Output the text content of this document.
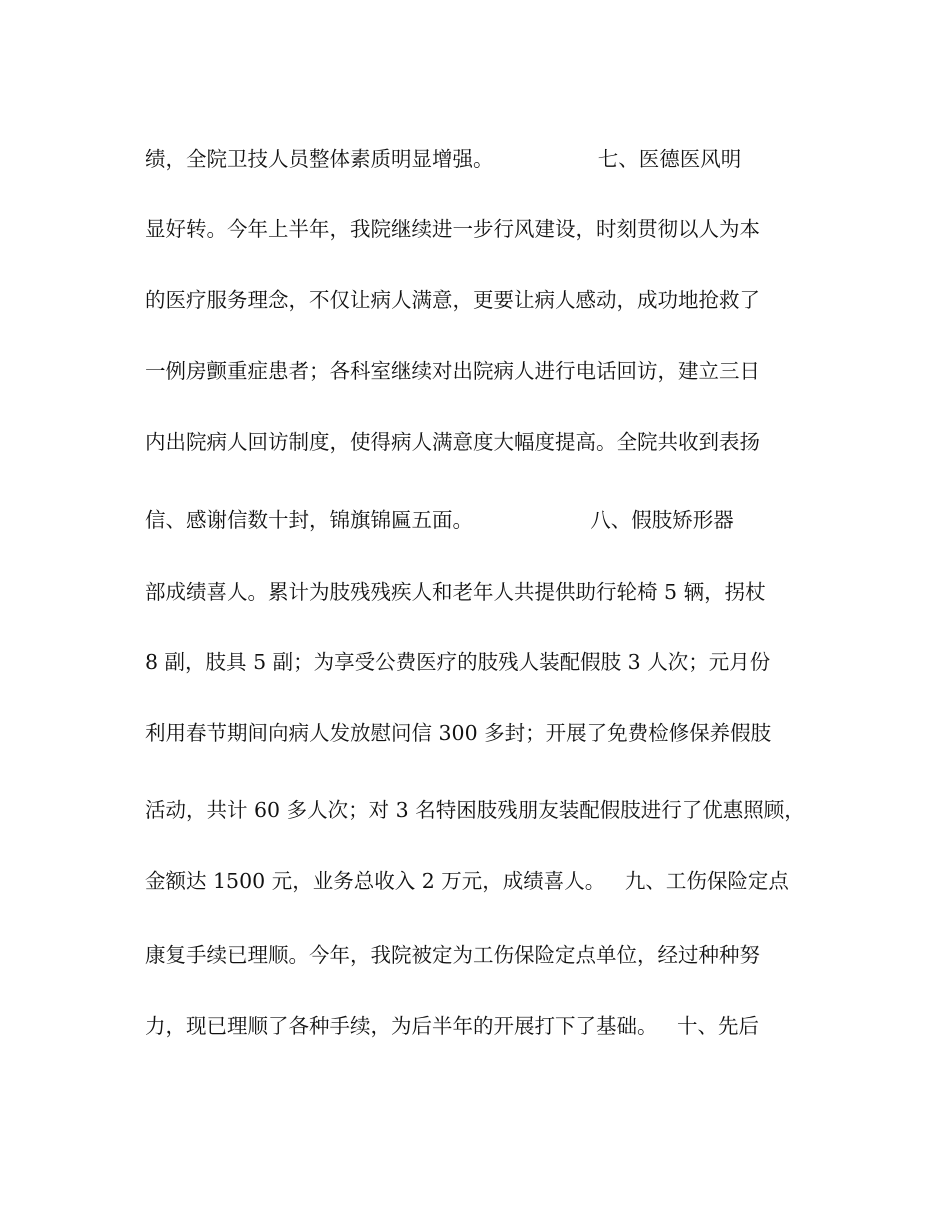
绩，全院卫技人员整体素质明显增强。                七、医德医风明
显好转。今年上半年，我院继续进一步行风建设，时刻贯彻以人为本
的医疗服务理念，不仅让病人满意，更要让病人感动，成功地抢救了
一例房颤重症患者；各科室继续对出院病人进行电话回访，建立三日
内出院病人回访制度，使得病人满意度大幅度提高。全院共收到表扬
信、感谢信数十封，锦旗锦匾五面。                  八、假肢矫形器
部成绩喜人。累计为肢残残疾人和老年人共提供助行轮椅 5 辆，拐杖
8 副，肢具 5 副；为享受公费医疗的肢残人装配假肢 3 人次；元月份
利用春节期间向病人发放慰问信 300 多封；开展了免费检修保养假肢
活动，共计 60 多人次；对 3 名特困肢残朋友装配假肢进行了优惠照顾，
金额达 1500 元，业务总收入 2 万元，成绩喜人。   九、工伤保险定点
康复手续已理顺。今年，我院被定为工伤保险定点单位，经过种种努
力，现已理顺了各种手续，为后半年的开展打下了基础。   十、先后
